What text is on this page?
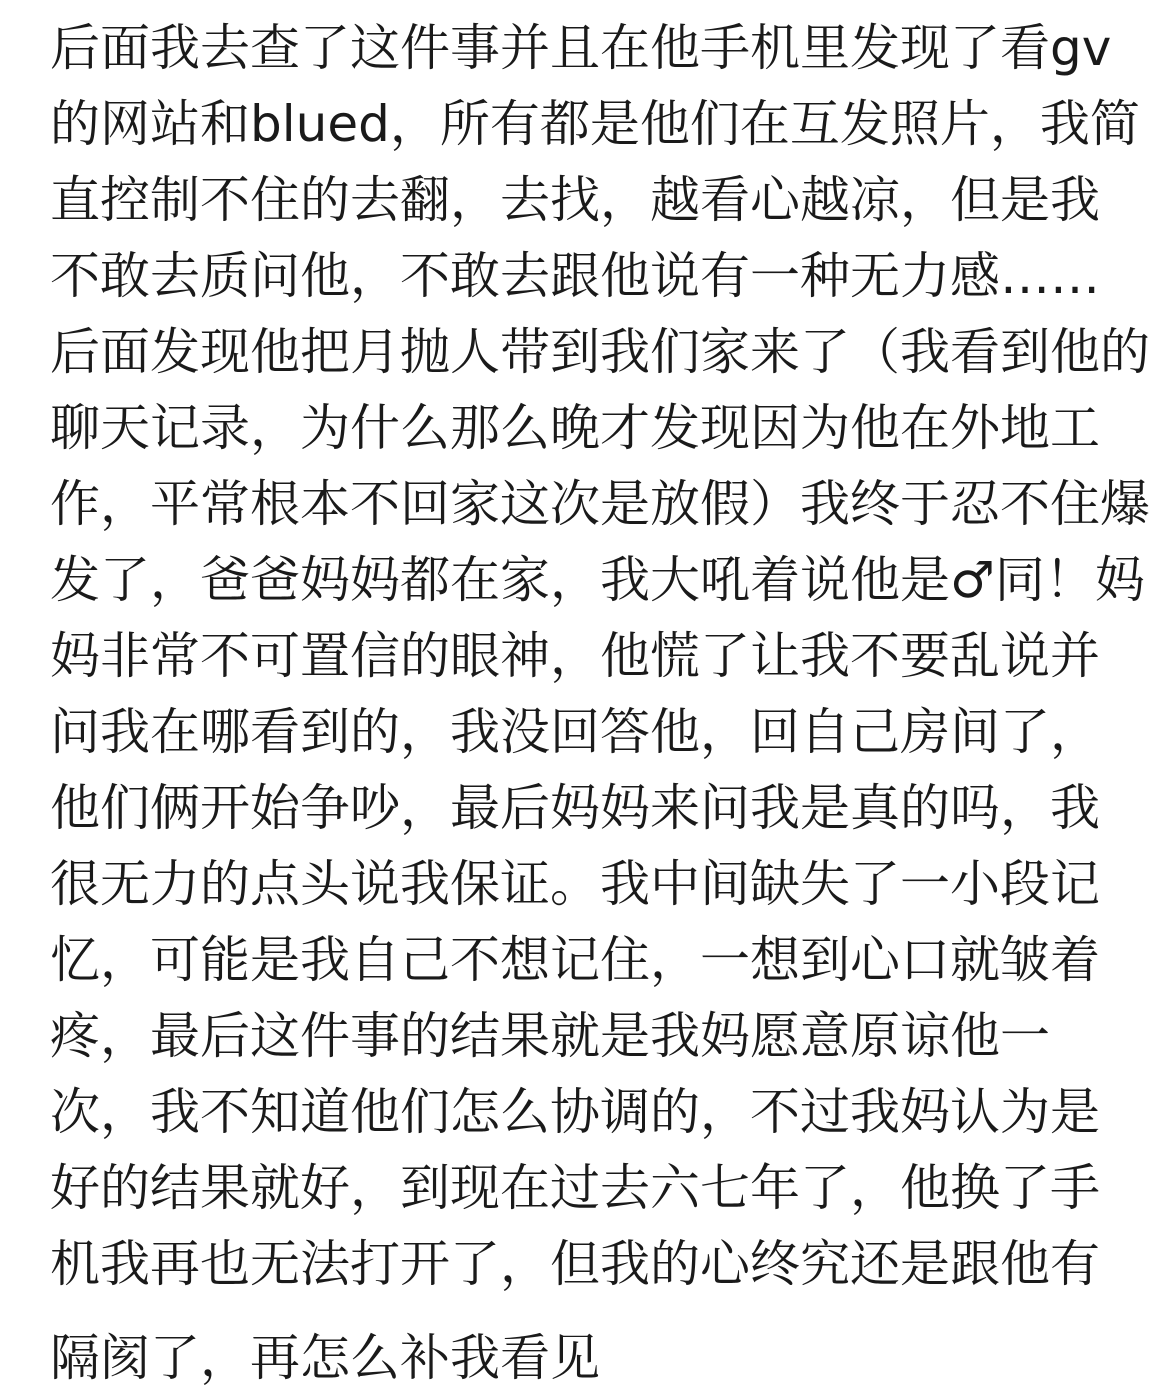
后面我去查了这件事并且在他手机里发现了看gv
的网站和blued，所有都是他们在互发照片，我简
直控制不住的去翻，去找，越看心越凉，但是我
不敢去质问他，不敢去跟他说有一种无力感……
后面发现他把月抛人带到我们家来了（我看到他的
聊天记录，为什么那么晚才发现因为他在外地工
作，平常根本不回家这次是放假）我终于忍不住爆
发了，爸爸妈妈都在家，我大吼着说他是♂同！妈
妈非常不可置信的眼神，他慌了让我不要乱说并
问我在哪看到的，我没回答他，回自己房间了，
他们俩开始争吵，最后妈妈来问我是真的吗，我
很无力的点头说我保证。我中间缺失了一小段记
忆，可能是我自己不想记住，一想到心口就皱着
疼，最后这件事的结果就是我妈愿意原谅他一
次，我不知道他们怎么协调的，不过我妈认为是
好的结果就好，到现在过去六七年了，他换了手
机我再也无法打开了，但我的心终究还是跟他有
隔阂了，再怎么补我看见
